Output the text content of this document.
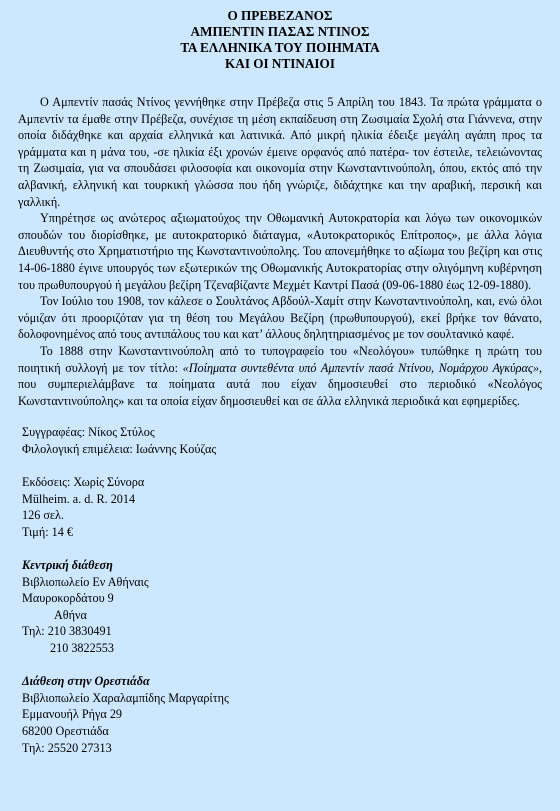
Ο ΠΡΕΒΕΖΑΝΟΣ
ΑΜΠΕΝΤΙΝ ΠΑΣΑΣ ΝΤΙΝΟΣ
ΤΑ ΕΛΛΗΝΙΚΑ ΤΟΥ ΠΟΙΗΜΑΤΑ
ΚΑΙ ΟΙ ΝΤΙΝΑΙΟΙ

Ο Αμπεντίν πασάς Ντίνος γεννήθηκε στην Πρέβεζα στις 5 Απρίλη του 1843. Τα πρώτα γράμματα ο Αμπεντίν τα έμαθε στην Πρέβεζα, συνέχισε τη μέση εκπαίδευση στη Ζωσιμαία Σχολή στα Γιάννενα, στην οποία διδάχθηκε και αρχαία ελληνικά και λατινικά. Από μικρή ηλικία έδειξε μεγάλη αγάπη προς τα γράμματα και η μάνα του, -σε ηλικία έξι χρονών έμεινε ορφανός από πατέρα- τον έστειλε, τελειώνοντας τη Ζωσιμαία, για να σπουδάσει φιλοσοφία και οικονομία στην Κωνσταντινούπολη, όπου, εκτός από την αλβανική, ελληνική και τουρκική γλώσσα που ήδη γνώριζε, διδάχτηκε και την αραβική, περσική και γαλλική.

Υπηρέτησε ως ανώτερος αξιωματούχος την Οθωμανική Αυτοκρατορία και λόγω των οικονομικών σπουδών του διορίσθηκε, με αυτοκρατορικό διάταγμα, «Αυτοκρατορικός Επίτροπος», με άλλα λόγια Διευθυντής στο Χρηματιστήριο της Κωνσταντινούπολης. Του απονεμήθηκε το αξίωμα του βεζίρη και στις 14-06-1880 έγινε υπουργός των εξωτερικών της Οθωμανικής Αυτοκρατορίας στην ολιγόμηνη κυβέρνηση του πρωθυπουργού ή μεγάλου βεζίρη Τζεναβίζαντε Μεχμέτ Καντρί Πασά (09-06-1880 έως 12-09-1880).

Τον Ιούλιο του 1908, τον κάλεσε ο Σουλτάνος Αβδούλ-Χαμίτ στην Κωνσταντινούπολη, και, ενώ όλοι νόμιζαν ότι προοριζόταν για τη θέση του Μεγάλου Βεζίρη (πρωθυπουργού), εκεί βρήκε τον θάνατο, δολοφονημένος από τους αντιπάλους του και κατ’ άλλους δηλητηριασμένος με τον σουλτανικό καφέ.

Το 1888 στην Κωνσταντινούπολη από το τυπογραφείο του «Νεολόγου» τυπώθηκε η πρώτη του ποιητική συλλογή με τον τίτλο: «Ποίηματα συντεθέντα υπό Αμπεντίν πασά Ντίνου, Νομάρχου Αγκύρας», που συμπεριελάμβανε τα ποίηματα αυτά που είχαν δημοσιευθεί στο περιοδικό «Νεολόγος Κωνσταντινούπολης» και τα οποία είχαν δημοσιευθεί και σε άλλα ελληνικά περιοδικά και εφημερίδες.

Συγγραφέας: Νίκος Στύλος
Φιλολογική επιμέλεια: Ιωάννης Κούζας
Εκδόσεις: Χωρίς Σύνορα
Mülheim. a. d. R. 2014
126 σελ.
Τιμή: 14 €
Κεντρική διάθεση
Βιβλιοπωλείο Εν Αθήναις
Μαυροκορδάτου 9
Αθήνα
Τηλ: 210 3830491
210 3822553
Διάθεση στην Ορεστιάδα
Βιβλιοπωλείο Χαραλαμπίδης Μαργαρίτης
Εμμανουήλ Ρήγα 29
68200 Ορεστιάδα
Τηλ: 25520 27313
